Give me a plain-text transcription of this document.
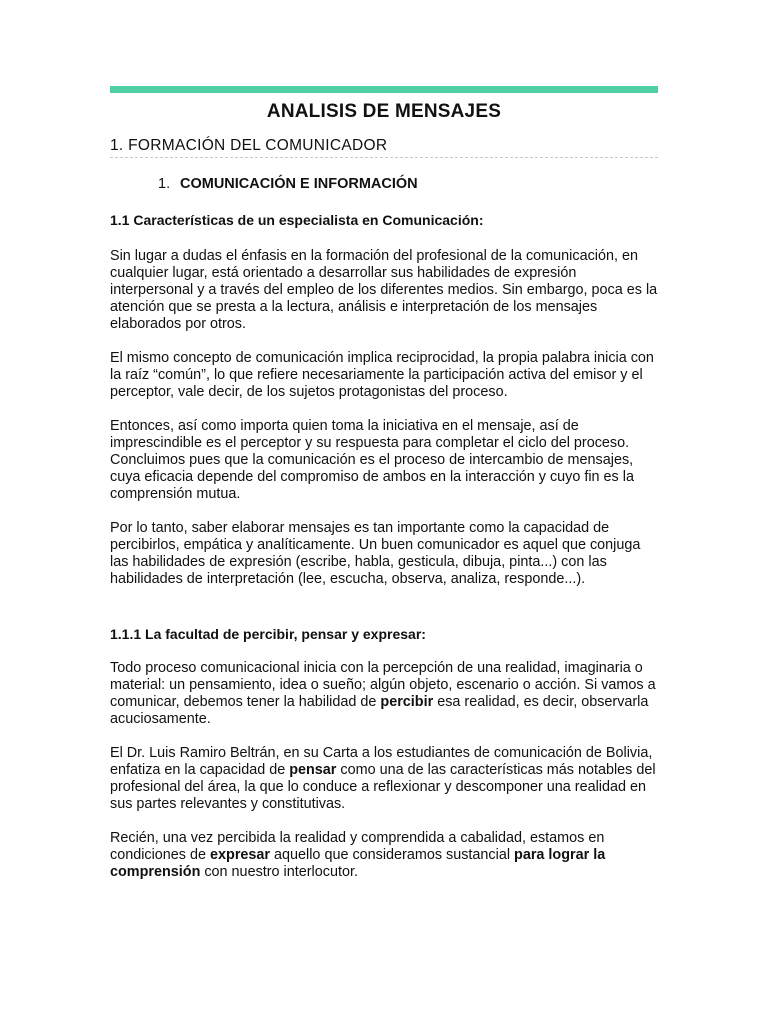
ANALISIS DE MENSAJES
1. FORMACIÓN DEL COMUNICADOR
1. COMUNICACIÓN E INFORMACIÓN
1.1 Características de un especialista en Comunicación:

Sin lugar a dudas el énfasis en la formación del profesional de la comunicación, en cualquier lugar, está orientado a desarrollar sus habilidades de expresión interpersonal y a través del empleo de los diferentes medios. Sin embargo, poca es la atención que se presta a la lectura, análisis e interpretación de los mensajes elaborados por otros.

El mismo concepto de comunicación implica reciprocidad, la propia palabra inicia con la raíz “común”, lo que refiere necesariamente la participación activa del emisor y el perceptor, vale decir, de los sujetos protagonistas del proceso.

Entonces, así como importa quien toma la iniciativa en el mensaje, así de imprescindible es el perceptor y su respuesta para completar el ciclo del proceso. Concluimos pues que la comunicación es el proceso de intercambio de mensajes, cuya eficacia depende del compromiso de ambos en la interacción y cuyo fin es la comprensión mutua.

Por lo tanto, saber elaborar mensajes es tan importante como la capacidad de percibirlos, empática y analíticamente. Un buen comunicador es aquel que conjuga las habilidades de expresión (escribe, habla, gesticula, dibuja, pinta...) con las habilidades de interpretación (lee, escucha, observa, analiza, responde...).

1.1.1 La facultad de percibir, pensar y expresar:

Todo proceso comunicacional inicia con la percepción de una realidad, imaginaria o material: un pensamiento, idea o sueño; algún objeto, escenario o acción. Si vamos a comunicar, debemos tener la habilidad de percibir esa realidad, es decir, observarla acuciosamente.

El Dr. Luis Ramiro Beltrán, en su Carta a los estudiantes de comunicación de Bolivia, enfatiza en la capacidad de pensar como una de las características más notables del profesional del área, la que lo conduce a reflexionar y descomponer una realidad en sus partes relevantes y constitutivas.

Recién, una vez percibida la realidad y comprendida a cabalidad, estamos en condiciones de expresar aquello que consideramos sustancial para lograr la comprensión con nuestro interlocutor.
